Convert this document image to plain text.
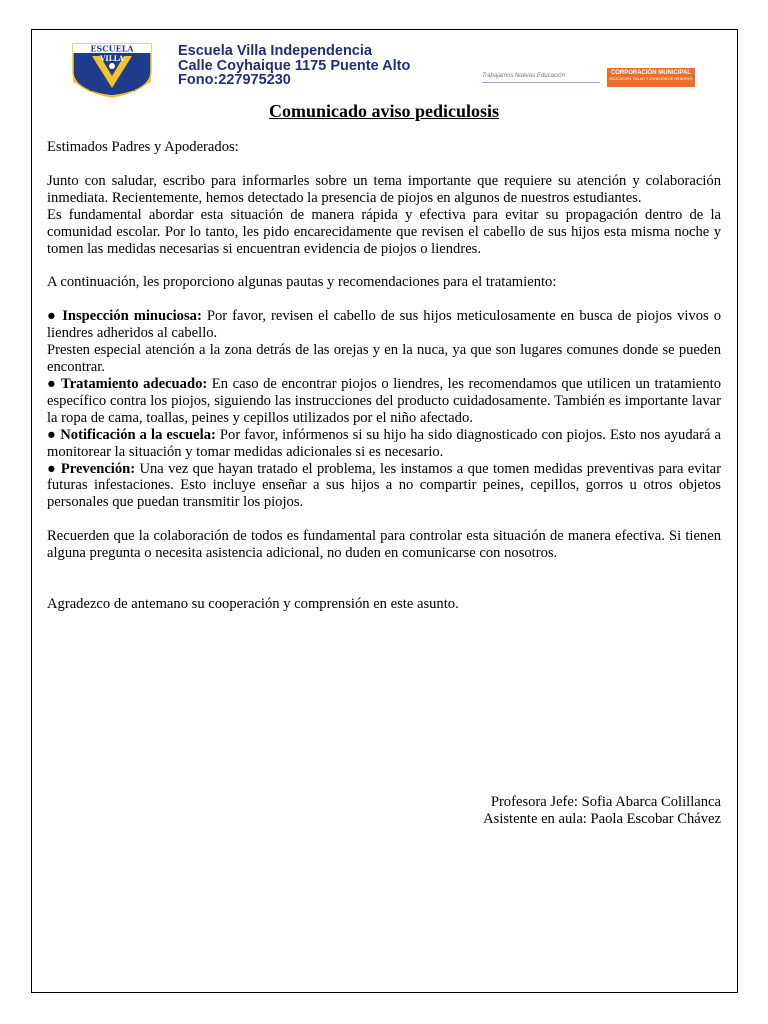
ESCUELA
VILLA
INDEPENDENCIA
Escuela Villa Independencia
Calle Coyhaique 1175 Puente Alto
Fono:227975230	Trabajamos Nuevas Educación	CORPORACIÓN MUNICIPAL
EDUCACIÓN, SALUD Y ATENCIÓN DE MENORES
Comunicado aviso pediculosis

Estimados Padres y Apoderados:

Junto con saludar, escribo para informarles sobre un tema importante que requiere su atención y colaboración inmediata. Recientemente, hemos detectado la presencia de piojos en algunos de nuestros estudiantes.

Es fundamental abordar esta situación de manera rápida y efectiva para evitar su propagación dentro de la comunidad escolar. Por lo tanto, les pido encarecidamente que revisen el cabello de sus hijos esta misma noche y tomen las medidas necesarias si encuentran evidencia de piojos o liendres.

A continuación, les proporciono algunas pautas y recomendaciones para el tratamiento:

● Inspección minuciosa: Por favor, revisen el cabello de sus hijos meticulosamente en busca de piojos vivos o liendres adheridos al cabello.

Presten especial atención a la zona detrás de las orejas y en la nuca, ya que son lugares comunes donde se pueden encontrar.

● Tratamiento adecuado: En caso de encontrar piojos o liendres, les recomendamos que utilicen un tratamiento específico contra los piojos, siguiendo las instrucciones del producto cuidadosamente. También es importante lavar la ropa de cama, toallas, peines y cepillos utilizados por el niño afectado.

● Notificación a la escuela: Por favor, infórmenos si su hijo ha sido diagnosticado con piojos. Esto nos ayudará a monitorear la situación y tomar medidas adicionales si es necesario.

● Prevención: Una vez que hayan tratado el problema, les instamos a que tomen medidas preventivas para evitar futuras infestaciones. Esto incluye enseñar a sus hijos a no compartir peines, cepillos, gorros u otros objetos personales que puedan transmitir los piojos.

Recuerden que la colaboración de todos es fundamental para controlar esta situación de manera efectiva. Si tienen alguna pregunta o necesita asistencia adicional, no duden en comunicarse con nosotros.

Agradezco de antemano su cooperación y comprensión en este asunto.

Profesora Jefe: Sofia Abarca Colillanca
Asistente en aula: Paola Escobar Chávez
